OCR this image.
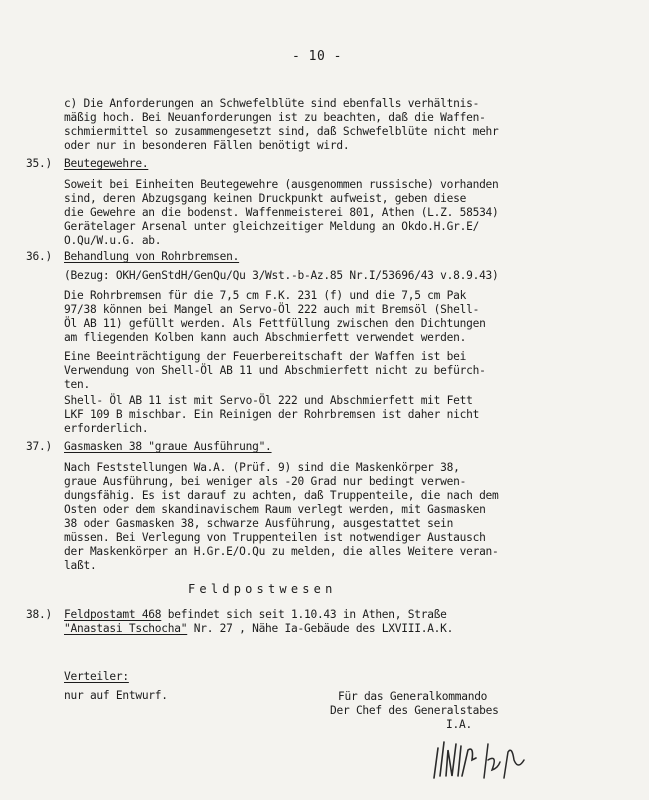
- 10 -
c) Die Anforderungen an Schwefelblüte sind ebenfalls verhältnis-
mäßig hoch. Bei Neuanforderungen ist zu beachten, daß die Waffen-
schmiermittel so zusammengesetzt sind, daß Schwefelblüte nicht mehr
oder nur in besonderen Fällen benötigt wird.
35.) Beutegewehre.
Soweit bei Einheiten Beutegewehre (ausgenommen russische) vorhanden
sind, deren Abzugsgang keinen Druckpunkt aufweist, geben diese
die Gewehre an die bodenst. Waffenmeisterei 801, Athen (L.Z. 58534)
Gerätelager Arsenal unter gleichzeitiger Meldung an Okdo.H.Gr.E/
O.Qu/W.u.G. ab.
36.) Behandlung von Rohrbremsen.
(Bezug: OKH/GenStdH/GenQu/Qu 3/Wst.-b-Az.85 Nr.I/53696/43 v.8.9.43)
Die Rohrbremsen für die 7,5 cm F.K. 231 (f) und die 7,5 cm Pak
97/38 können bei Mangel an Servo-Öl 222 auch mit Bremsöl (Shell-
Öl AB 11) gefüllt werden. Als Fettfüllung zwischen den Dichtungen
am fliegenden Kolben kann auch Abschmierfett verwendet werden.
Eine Beeinträchtigung der Feuerbereitschaft der Waffen ist bei
Verwendung von Shell-Öl AB 11 und Abschmierfett nicht zu befürch-
ten.
Shell- Öl AB 11 ist mit Servo-Öl 222 und Abschmierfett mit Fett
LKF 109 B mischbar. Ein Reinigen der Rohrbremsen ist daher nicht
erforderlich.
37.) Gasmasken 38 "graue Ausführung".
Nach Feststellungen Wa.A. (Prüf. 9) sind die Maskenkörper 38,
graue Ausführung, bei weniger als -20 Grad nur bedingt verwen-
dungsfähig. Es ist darauf zu achten, daß Truppenteile, die nach dem
Osten oder dem skandinavischem Raum verlegt werden, mit Gasmasken
38 oder Gasmasken 38, schwarze Ausführung, ausgestattet sein
müssen. Bei Verlegung von Truppenteilen ist notwendiger Austausch
der Maskenkörper an H.Gr.E/O.Qu zu melden, die alles Weitere veran-
laßt.
Feldpostwesen
38.) Feldpostamt 468 befindet sich seit 1.10.43 in Athen, Straße
"Anastasi Tschocha" Nr. 27 , Nähe Ia-Gebäude des LXVIII.A.K.
Verteiler:
nur auf Entwurf.	Für das Generalkommando
Der Chef des Generalstabes
I.A.
